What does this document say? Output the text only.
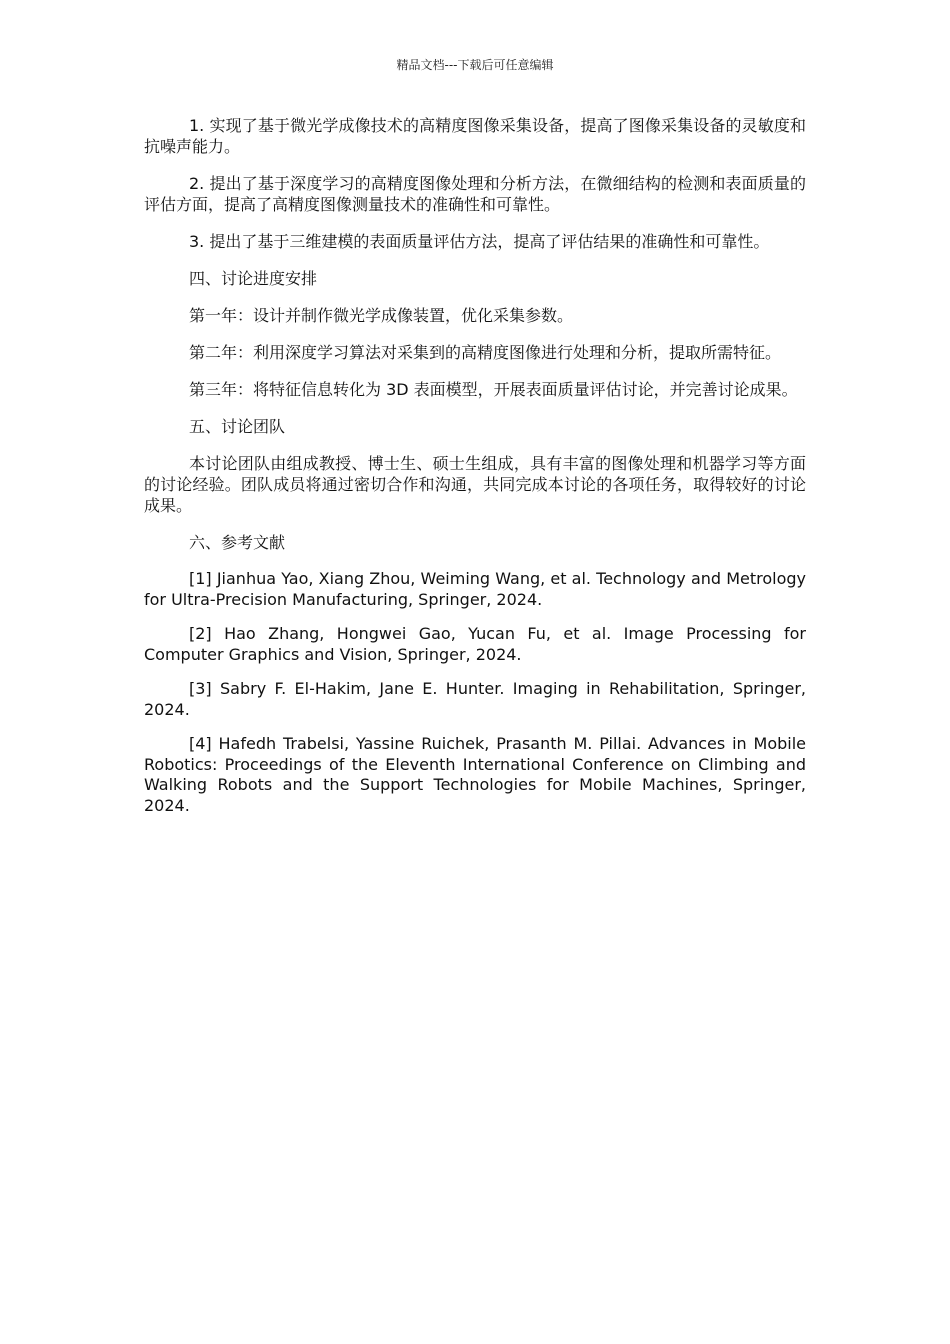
精品文档---下载后可任意编辑

1. 实现了基于微光学成像技术的高精度图像采集设备，提高了图像采集设备的灵敏度和抗噪声能力。

2. 提出了基于深度学习的高精度图像处理和分析方法，在微细结构的检测和表面质量的评估方面，提高了高精度图像测量技术的准确性和可靠性。

3. 提出了基于三维建模的表面质量评估方法，提高了评估结果的准确性和可靠性。

四、讨论进度安排

第一年：设计并制作微光学成像装置，优化采集参数。

第二年：利用深度学习算法对采集到的高精度图像进行处理和分析，提取所需特征。

第三年：将特征信息转化为 3D 表面模型，开展表面质量评估讨论，并完善讨论成果。

五、讨论团队

本讨论团队由组成教授、博士生、硕士生组成，具有丰富的图像处理和机器学习等方面的讨论经验。团队成员将通过密切合作和沟通，共同完成本讨论的各项任务，取得较好的讨论成果。

六、参考文献

[1] Jianhua Yao, Xiang Zhou, Weiming Wang, et al. Technology and Metrology for Ultra-Precision Manufacturing, Springer, 2024.

[2] Hao Zhang, Hongwei Gao, Yucan Fu, et al. Image Processing for Computer Graphics and Vision, Springer, 2024.

[3] Sabry F. El-Hakim, Jane E. Hunter. Imaging in Rehabilitation, Springer, 2024.

[4] Hafedh Trabelsi, Yassine Ruichek, Prasanth M. Pillai. Advances in Mobile Robotics: Proceedings of the Eleventh International Conference on Climbing and Walking Robots and the Support Technologies for Mobile Machines, Springer, 2024.
